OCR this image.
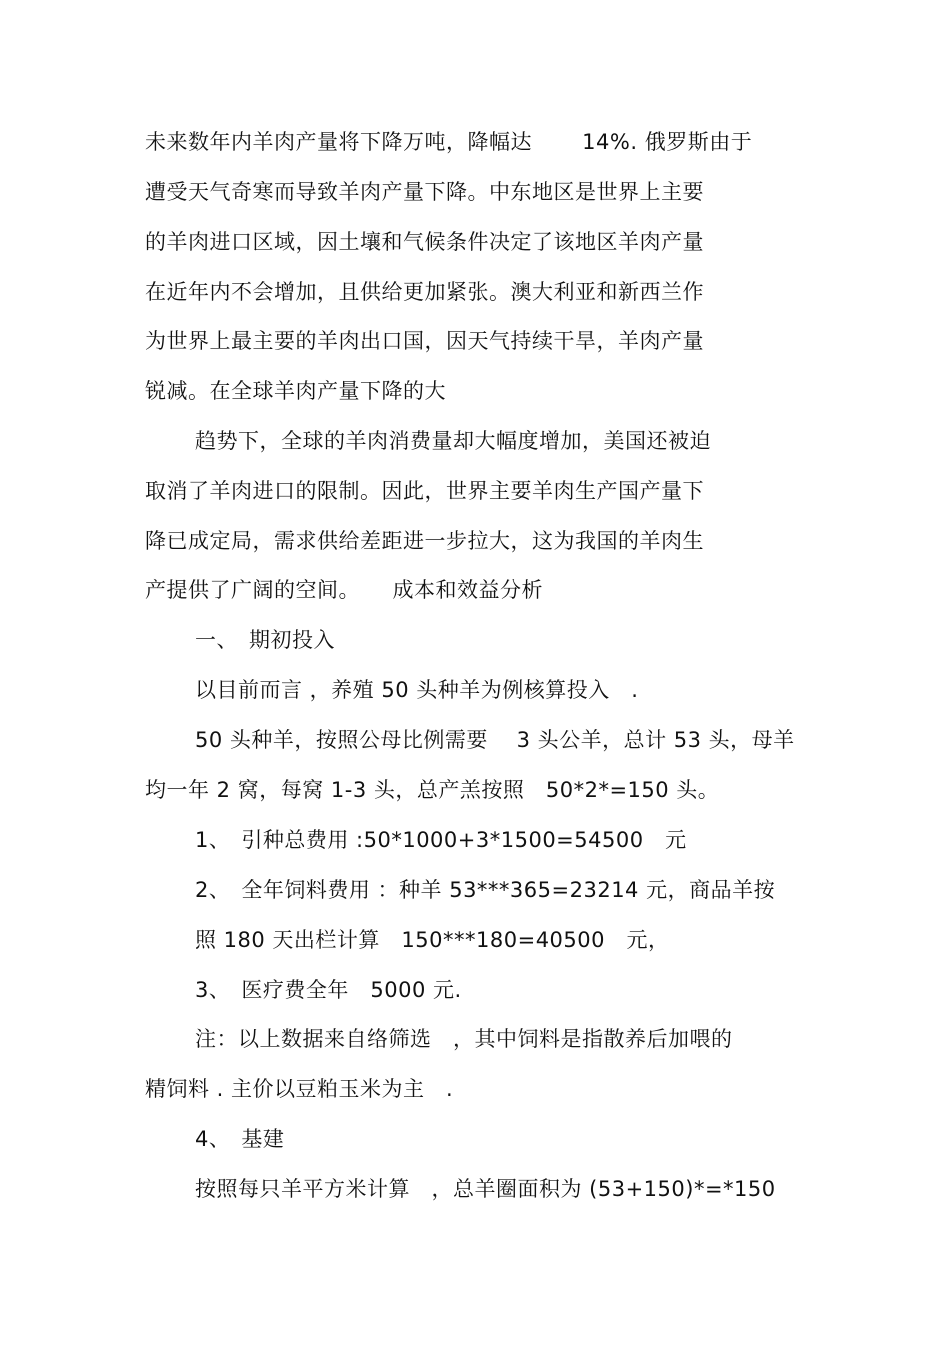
未来数年内羊肉产量将下降万吨，降幅达　　 14%. 俄罗斯由于
遭受天气奇寒而导致羊肉产量下降。中东地区是世界上主要
的羊肉进口区域，因土壤和气候条件决定了该地区羊肉产量
在近年内不会增加，且供给更加紧张。澳大利亚和新西兰作
为世界上最主要的羊肉出口国，因天气持续干旱，羊肉产量
锐减。在全球羊肉产量下降的大
趋势下，全球的羊肉消费量却大幅度增加，美国还被迫
取消了羊肉进口的限制。因此，世界主要羊肉生产国产量下
降已成定局，需求供给差距进一步拉大，这为我国的羊肉生
产提供了广阔的空间。　　成本和效益分析
一、　期初投入
以目前而言 ，养殖 50 头种羊为例核算投入　.
50 头种羊，按照公母比例需要　 3 头公羊，总计 53 头，母羊
均一年 2 窝，每窝 1-3 头，总产羔按照　50*2*=150 头。
1、　引种总费用 :50*1000+3*1500=54500　元
2、　全年饲料费用 ：种羊 53***365=23214 元，商品羊按
照 180 天出栏计算　150***180=40500　元，
3、　医疗费全年　5000 元.
注：以上数据来自络筛选　，其中饲料是指散养后加喂的
精饲料 . 主价以豆粕玉米为主　.
4、　基建
按照每只羊平方米计算　，总羊圈面积为 (53+150)*=*150
